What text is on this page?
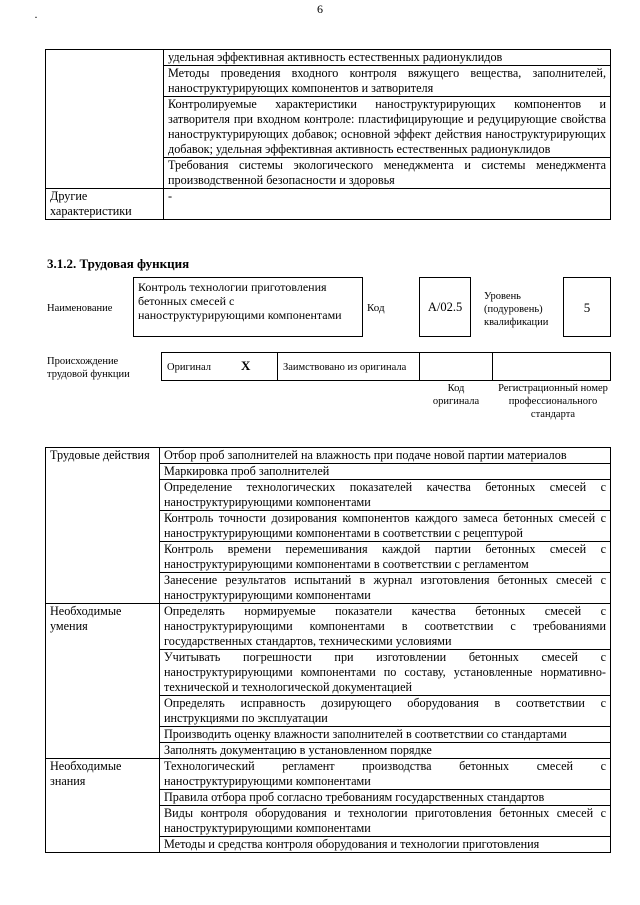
6
·
	удельная эффективная активность естественных радионуклидов
	Методы проведения входного контроля вяжущего вещества, заполнителей, наноструктурирующих компонентов и затворителя
	Контролируемые характеристики наноструктурирующих компонентов и затворителя при входном контроле: пластифицирующие и редуцирующие свойства наноструктурирующих добавок; основной эффект действия наноструктурирующих добавок; удельная эффективная активность естественных радионуклидов
	Требования системы экологического менеджмента и системы менеджмента производственной безопасности и здоровья
Другие характеристики	-
3.1.2. Трудовая функция
Наименование
Контроль технологии приготовления бетонных смесей с наноструктурирующими компонентами	Код	А/02.5
Уровень (подуровень) квалификации
5
Происхождение трудовой функции
Оригинал X	Заимствовано из оригинала
Код оригинала
Регистрационный номер профессионального стандарта
Трудовые действия	Отбор проб заполнителей на влажность при подаче новой партии материалов
	Маркировка проб заполнителей
	Определение технологических показателей качества бетонных смесей с наноструктурирующими компонентами
	Контроль точности дозирования компонентов каждого замеса бетонных смесей с наноструктурирующими компонентами в соответствии с рецептурой
	Контроль времени перемешивания каждой партии бетонных смесей с наноструктурирующими компонентами в соответствии с регламентом
	Занесение результатов испытаний в журнал изготовления бетонных смесей с наноструктурирующими компонентами
Необходимые умения	Определять нормируемые показатели качества бетонных смесей с наноструктурирующими компонентами в соответствии с требованиями государственных стандартов, техническими условиями
	Учитывать погрешности при изготовлении бетонных смесей с наноструктурирующими компонентами по составу, установленные нормативно-технической и технологической документацией
	Определять исправность дозирующего оборудования в соответствии с инструкциями по эксплуатации
	Производить оценку влажности заполнителей в соответствии со стандартами
	Заполнять документацию в установленном порядке
Необходимые знания	Технологический регламент производства бетонных смесей с наноструктурирующими компонентами
	Правила отбора проб согласно требованиям государственных стандартов
	Виды контроля оборудования и технологии приготовления бетонных смесей с наноструктурирующими компонентами
	Методы и средства контроля оборудования и технологии приготовления
